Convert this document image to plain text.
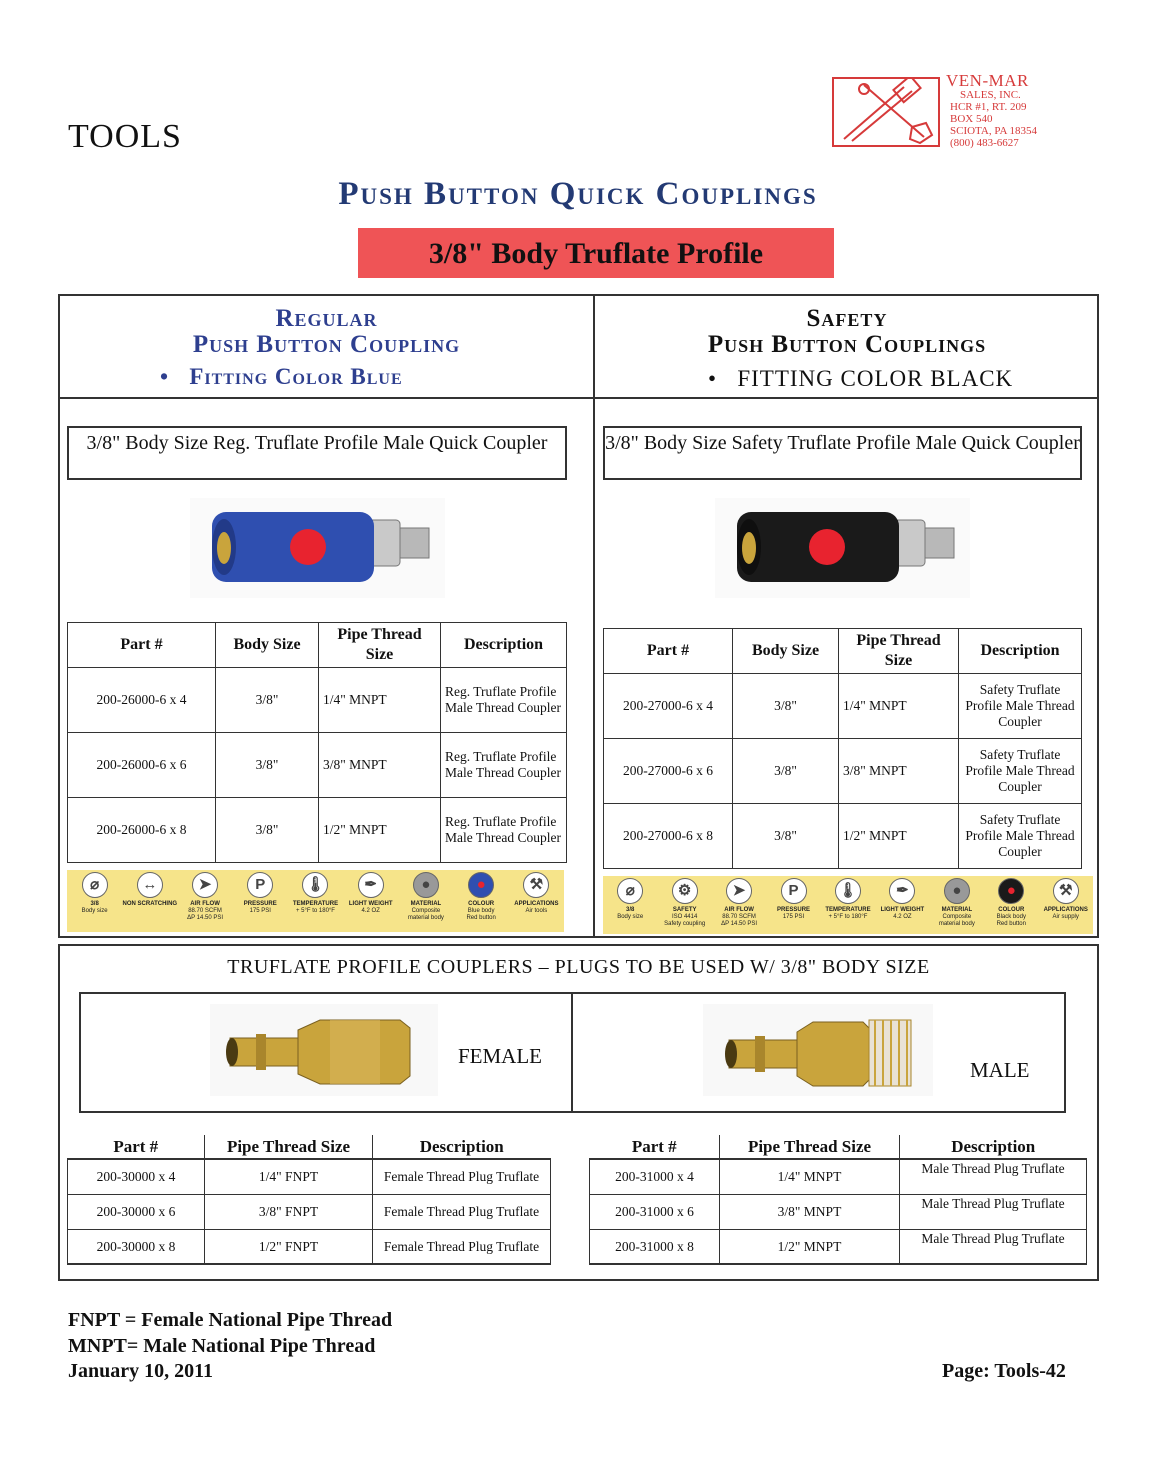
VEN-MAR
SALES, INC.
HCR #1, RT. 209
BOX 540
SCIOTA, PA 18354
(800) 483-6627
TOOLS
Push Button Quick Couplings
3/8" Body Truflate Profile
Regular
Push Button Coupling
•   Fitting Color Blue
Safety
Push Button Couplings
•   FITTING COLOR BLACK
3/8" Body Size Reg. Truflate Profile Male Quick Coupler	3/8" Body Size Safety Truflate Profile Male Quick Coupler
Part #	Body Size	Pipe Thread Size	Description
200-26000-6 x 4	3/8"	1/4" MNPT	Reg. Truflate Profile Male Thread Coupler
200-26000-6 x 6	3/8"	3/8" MNPT	Reg. Truflate Profile Male Thread Coupler
200-26000-6 x 8	3/8"	1/2" MNPT	Reg. Truflate Profile Male Thread Coupler
Part #	Body Size	Pipe Thread Size	Description
200-27000-6 x 4	3/8"	1/4" MNPT	Safety Truflate Profile Male Thread Coupler
200-27000-6 x 6	3/8"	3/8" MNPT	Safety Truflate Profile Male Thread Coupler
200-27000-6 x 8	3/8"	1/2" MNPT	Safety Truflate Profile Male Thread Coupler
⌀
3/8
Body size
↔
NON SCRATCHING
➤
AIR FLOW
88.70 SCFM
ΔP 14.50 PSI
P
PRESSURE
175 PSI
🌡
TEMPERATURE
+ 5°F to 180°F
✒
LIGHT WEIGHT
4.2 OZ
●
MATERIAL
Composite
material body
●
COLOUR
Blue body
Red button
⚒
APPLICATIONS
Air tools
⌀
3/8
Body size
⚙
SAFETY
ISO 4414
Safety coupling
➤
AIR FLOW
88.70 SCFM
ΔP 14.50 PSI
P
PRESSURE
175 PSI
🌡
TEMPERATURE
+ 5°F to 180°F
✒
LIGHT WEIGHT
4.2 OZ
●
MATERIAL
Composite
material body
●
COLOUR
Black body
Red button
⚒
APPLICATIONS
Air supply
TRUFLATE PROFILE COUPLERS – PLUGS TO BE USED W/ 3/8" BODY SIZE
FEMALE
MALE
Part #	Pipe Thread Size	Description
200-30000 x 4	1/4" FNPT	Female Thread Plug Truflate
200-30000 x 6	3/8" FNPT	Female Thread Plug Truflate
200-30000 x 8	1/2" FNPT	Female Thread Plug Truflate
Part #	Pipe Thread Size	Description
200-31000 x 4	1/4" MNPT	Male Thread Plug Truflate
200-31000 x 6	3/8" MNPT	Male Thread Plug Truflate
200-31000 x 8	1/2" MNPT	Male Thread Plug Truflate
FNPT = Female National Pipe Thread
MNPT= Male National Pipe Thread
January 10, 2011	Page: Tools-42
